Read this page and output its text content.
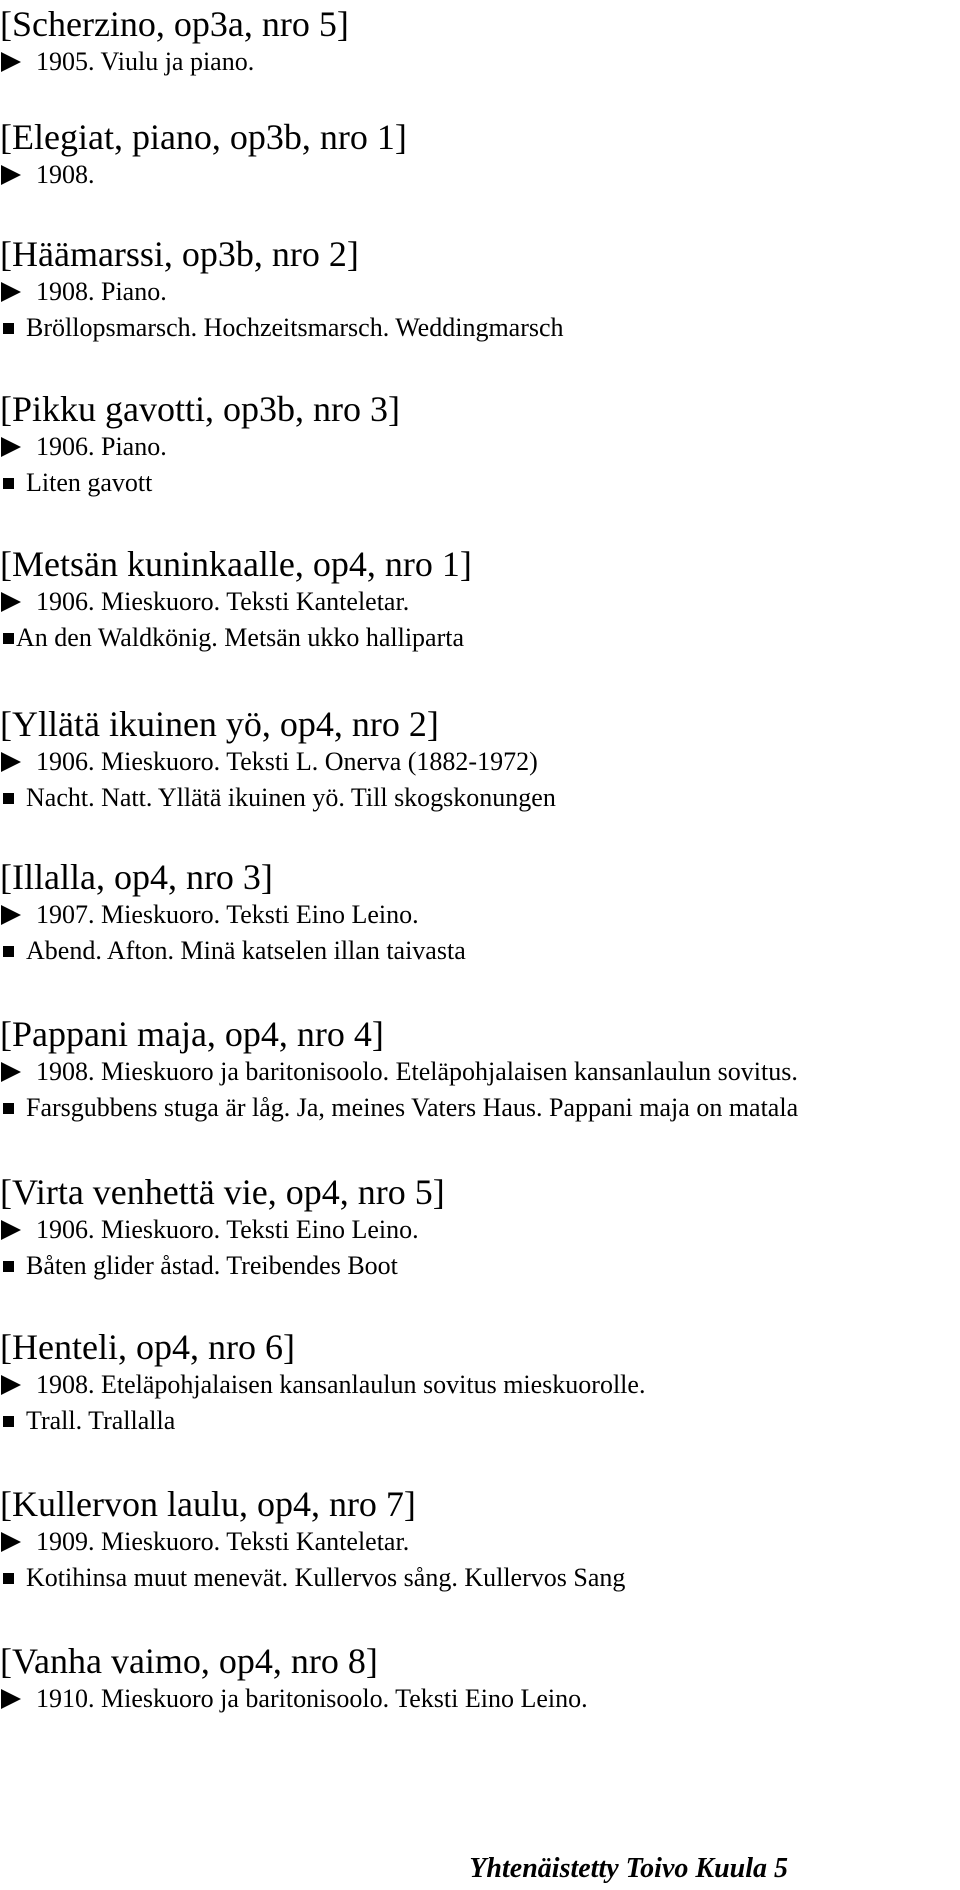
[Scherzino, op3a, nro 5]
1905. Viulu ja piano.
[Elegiat, piano, op3b, nro 1]
1908.
[Häämarssi, op3b, nro 2]
1908. Piano.
Bröllopsmarsch. Hochzeitsmarsch. Weddingmarsch
[Pikku gavotti, op3b, nro 3]
1906. Piano.
Liten gavott
[Metsän kuninkaalle, op4, nro 1]
1906. Mieskuoro. Teksti Kanteletar.
An den Waldkönig. Metsän ukko halliparta
[Yllätä ikuinen yö, op4, nro 2]
1906. Mieskuoro. Teksti L. Onerva (1882-1972)
Nacht. Natt. Yllätä ikuinen yö. Till skogskonungen
[Illalla, op4, nro 3]
1907. Mieskuoro. Teksti Eino Leino.
Abend. Afton. Minä katselen illan taivasta
[Pappani maja, op4, nro 4]
1908. Mieskuoro ja baritonisoolo. Eteläpohjalaisen kansanlaulun sovitus.
Farsgubbens stuga är låg. Ja, meines Vaters Haus. Pappani maja on matala
[Virta venhettä vie, op4, nro 5]
1906. Mieskuoro. Teksti Eino Leino.
Båten glider åstad. Treibendes Boot
[Henteli, op4, nro 6]
1908. Eteläpohjalaisen kansanlaulun sovitus mieskuorolle.
Trall. Trallalla
[Kullervon laulu, op4, nro 7]
1909. Mieskuoro. Teksti Kanteletar.
Kotihinsa muut menevät. Kullervos sång. Kullervos Sang
[Vanha vaimo, op4, nro 8]
1910. Mieskuoro ja baritonisoolo. Teksti Eino Leino.
Yhtenäistetty Toivo Kuula 5
